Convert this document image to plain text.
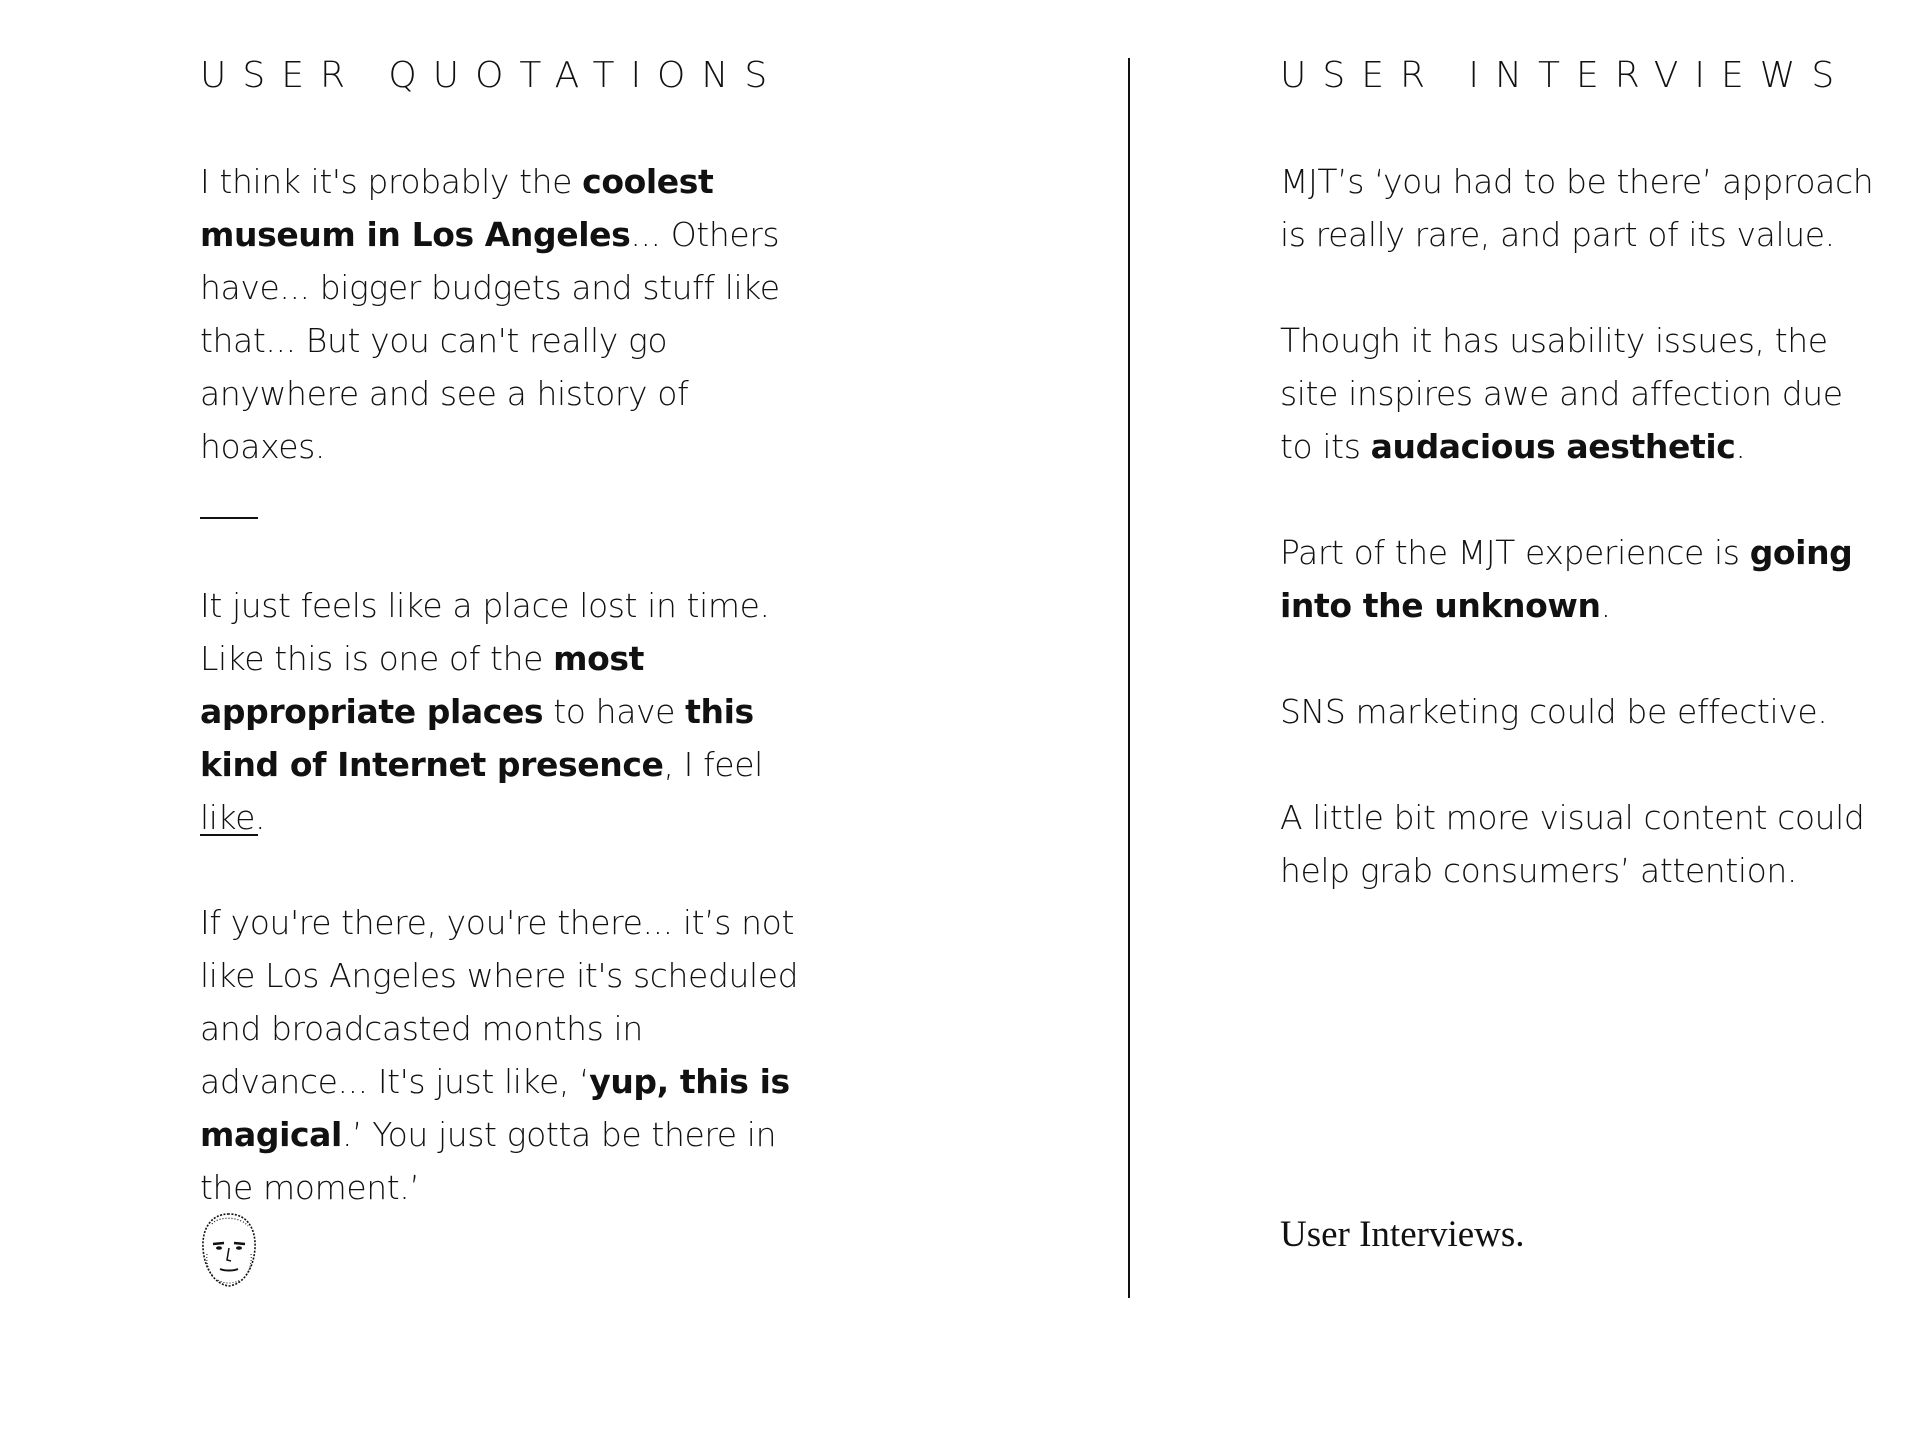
USER QUOTATIONS

I think it's probably the coolest museum in Los Angeles... Others have... bigger budgets and stuff like that... But you can't really go anywhere and see a history of hoaxes.

It just feels like a place lost in time. Like this is one of the most appropriate places to have this kind of Internet presence, I feel like.

If you're there, you're there... it’s not like Los Angeles where it's scheduled and broadcasted months in advance... It's just like, ‘yup, this is magical.’ You just gotta be there in the moment.’

USER INTERVIEWS

MJT’s ‘you had to be there’ approach is really rare, and part of its value.

Though it has usability issues, the site inspires awe and affection due to its audacious aesthetic.

Part of the MJT experience is going into the unknown.

SNS marketing could be effective.

A little bit more visual content could help grab consumers’ attention.

User Interviews.
